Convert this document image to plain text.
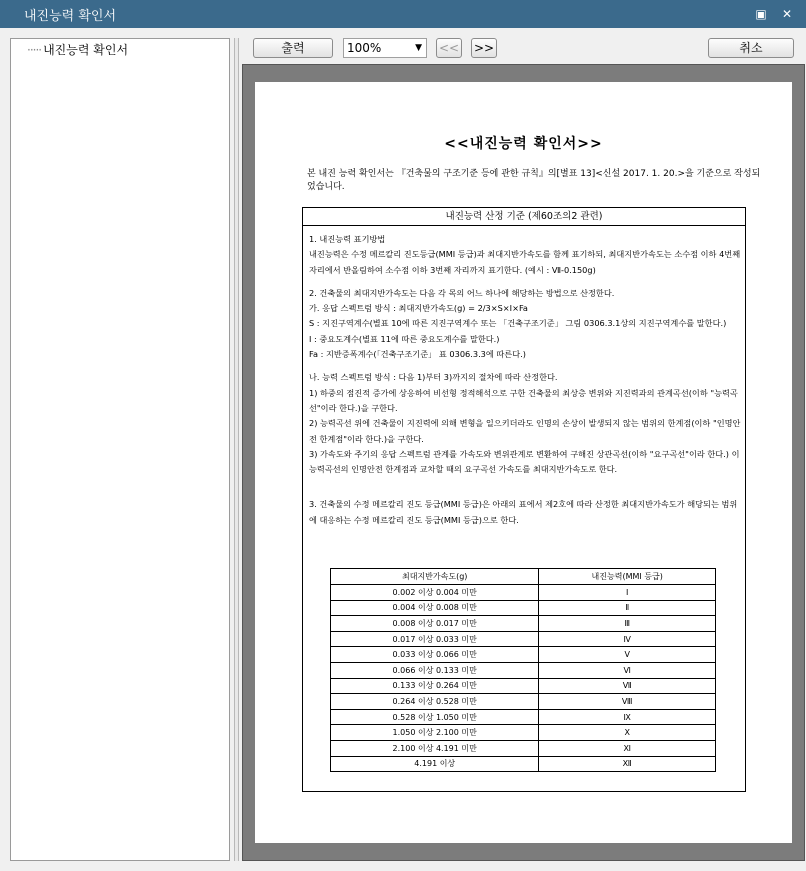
내진능력 확인서	▣	✕
····· 내진능력 확인서	출력	100%	▼ << >>	취소
<<내진능력 확인서>>
본 내진 능력 확인서는 『건축물의 구조기준 등에 관한 규칙』의[별표 13]<신설 2017. 1. 20.>을 기준으로 작성되었습니다.
내진능력 산정 기준 (제60조의2 관련)

1. 내진능력 표기방법

내진능력은 수정 메르칼리 진도등급(MMI 등급)과 최대지반가속도를 함께 표기하되, 최대지반가속도는 소수점 이하 4번째 자리에서 반올림하여 소수점 이하 3번째 자리까지 표기한다. (예시 : Ⅶ-0.150g)

2. 건축물의 최대지반가속도는 다음 각 목의 어느 하나에 해당하는 방법으로 산정한다.

가. 응답 스펙트럼 방식 : 최대지반가속도(g) = 2/3×S×I×Fa

S : 지진구역계수(별표 10에 따른 지진구역계수 또는 「건축구조기준」 그림 0306.3.1상의 지진구역계수를 말한다.)

I : 중요도계수(별표 11에 따른 중요도계수를 말한다.)

Fa : 지반증폭계수(「건축구조기준」 표 0306.3.3에 따른다.)

나. 능력 스펙트럼 방식 : 다음 1)부터 3)까지의 절차에 따라 산정한다.

1) 하중의 점진적 증가에 상응하여 비선형 정적해석으로 구한 건축물의 최상층 변위와 지진력과의 관계곡선(이하 "능력곡선"이라 한다.)을 구한다.

2) 능력곡선 위에 건축물이 지진력에 의해 변형을 일으키더라도 인명의 손상이 발생되지 않는 범위의 한계점(이하 "인명안전 한계점"이라 한다.)을 구한다.

3) 가속도와 주기의 응답 스펙트럼 관계를 가속도와 변위관계로 변환하여 구해진 상관곡선(이하 "요구곡선"이라 한다.) 이 능력곡선의 인명안전 한계점과 교차할 때의 요구곡선 가속도를 최대지반가속도로 한다.

3. 건축물의 수정 메르칼리 진도 등급(MMI 등급)은 아래의 표에서 제2호에 따라 산정한 최대지반가속도가 해당되는 범위에 대응하는 수정 메르칼리 진도 등급(MMI 등급)으로 한다.

최대지반가속도(g)	내진능력(MMI 등급)
0.002 이상 0.004 미만	Ⅰ
0.004 이상 0.008 미만	Ⅱ
0.008 이상 0.017 미만	Ⅲ
0.017 이상 0.033 미만	Ⅳ
0.033 이상 0.066 미만	Ⅴ
0.066 이상 0.133 미만	Ⅵ
0.133 이상 0.264 미만	Ⅶ
0.264 이상 0.528 미만	Ⅷ
0.528 이상 1.050 미만	Ⅸ
1.050 이상 2.100 미만	Ⅹ
2.100 이상 4.191 미만	Ⅺ
4.191 이상	Ⅻ
